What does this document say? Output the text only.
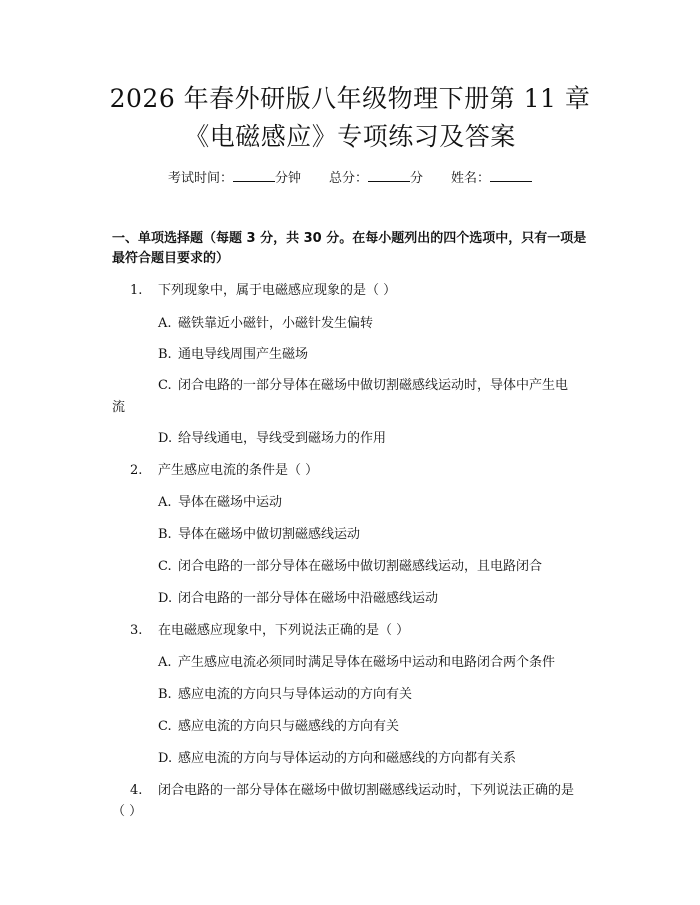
2026 年春外研版八年级物理下册第 11 章
《电磁感应》专项练习及答案
考试时间：	分钟 总分：	分 姓名：
一、单项选择题（每题 3 分，共 30 分。在每小题列出的四个选项中，只有一项是
最符合题目要求的）
1. 下列现象中，属于电磁感应现象的是（ ）
A. 磁铁靠近小磁针，小磁针发生偏转
B. 通电导线周围产生磁场
C. 闭合电路的一部分导体在磁场中做切割磁感线运动时，导体中产生电
流
D. 给导线通电，导线受到磁场力的作用
2. 产生感应电流的条件是（ ）
A. 导体在磁场中运动
B. 导体在磁场中做切割磁感线运动
C. 闭合电路的一部分导体在磁场中做切割磁感线运动，且电路闭合
D. 闭合电路的一部分导体在磁场中沿磁感线运动
3. 在电磁感应现象中，下列说法正确的是（ ）
A. 产生感应电流必须同时满足导体在磁场中运动和电路闭合两个条件
B. 感应电流的方向只与导体运动的方向有关
C. 感应电流的方向只与磁感线的方向有关
D. 感应电流的方向与导体运动的方向和磁感线的方向都有关系
4. 闭合电路的一部分导体在磁场中做切割磁感线运动时，下列说法正确的是
（ ）
